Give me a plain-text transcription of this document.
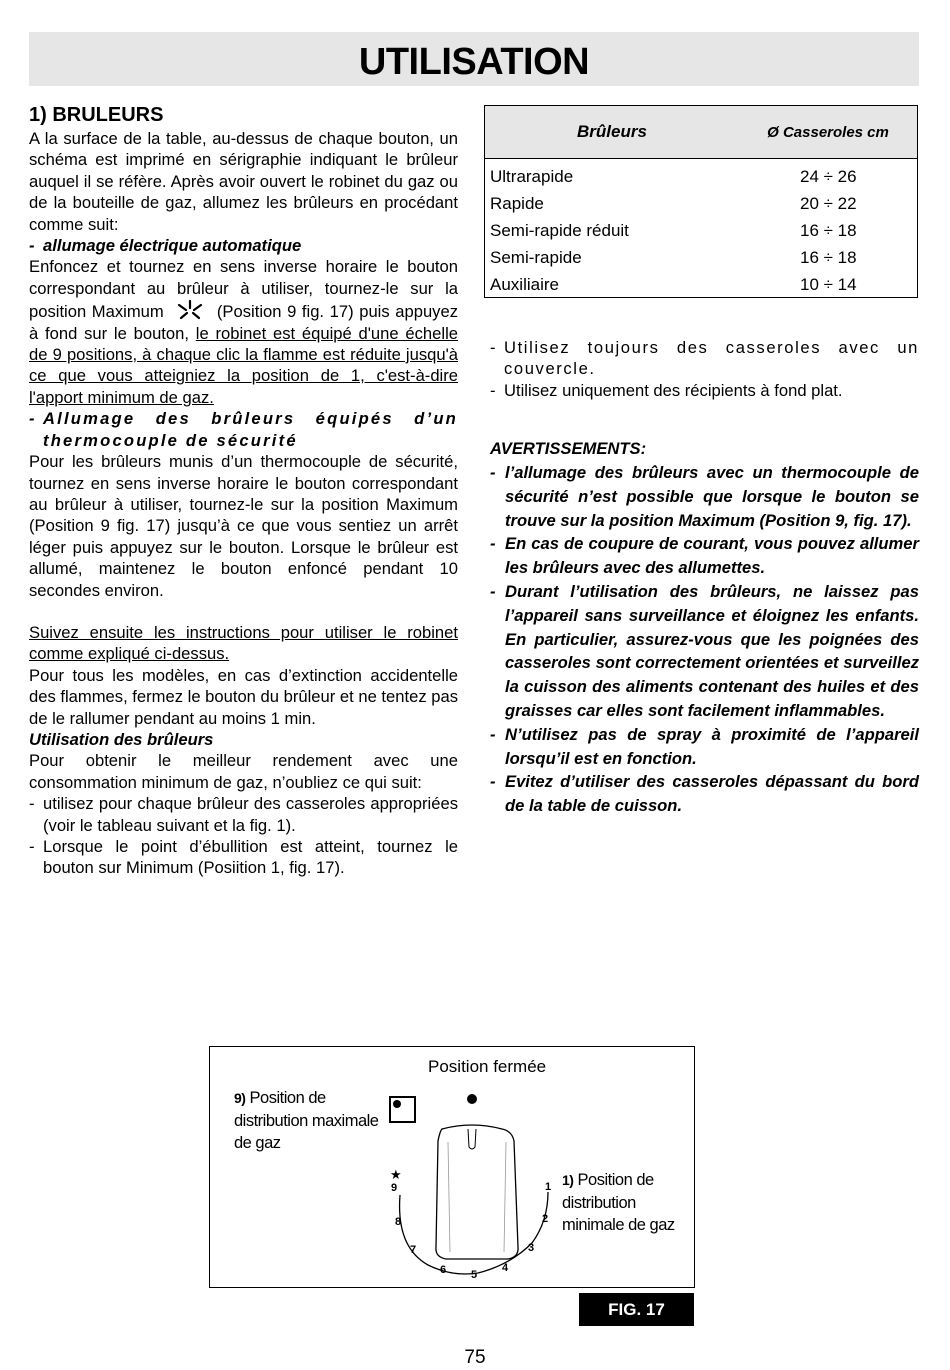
UTILISATION
1) BRULEURS

A la surface de la table, au-dessus de chaque bouton, un schéma est imprimé en sérigraphie indiquant le brûleur auquel il se réfère. Après avoir ouvert le robinet du gaz ou de la bouteille de gaz, allumez les brûleurs en procédant comme suit:

- allumage électrique automatique

Enfoncez et tournez en sens inverse horaire le bouton correspondant au brûleur à utiliser, tournez-le sur la position Maximum	(Position 9 fig. 17) puis appuyez à fond sur le bouton, le robinet est équipé d'une échelle de 9 positions, à chaque clic la flamme est réduite jusqu'à ce que vous atteigniez la position de 1, c'est-à-dire l'apport minimum de gaz.

- Allumage des brûleurs équipés d’un thermocouple de sécurité

Pour les brûleurs munis d’un thermocouple de sécurité, tournez en sens inverse horaire le bouton correspondant au brûleur à utiliser, tournez-le sur la position Maximum (Position 9 fig. 17) jusqu’à ce que vous sentiez un arrêt léger puis appuyez sur le bouton. Lorsque le brûleur est allumé, maintenez le bouton enfoncé pendant 10 secondes environ.

Suivez ensuite les instructions pour utiliser le robinet comme expliqué ci-dessus.

Pour tous les modèles, en cas d’extinction accidentelle des flammes, fermez le bouton du brûleur et ne tentez pas de le rallumer pendant au moins 1 min.

Utilisation des brûleurs

Pour obtenir le meilleur rendement avec une consommation minimum de gaz, n’oubliez ce qui suit:

- utilisez pour chaque brûleur des casseroles appropriées (voir le tableau suivant et la fig. 1).
- Lorsque le point d’ébullition est atteint, tournez le bouton sur Minimum (Posiition 1, fig. 17).
Brûleurs	Ø Casseroles cm
Ultrarapide	24 ÷ 26
Rapide	20 ÷ 22
Semi-rapide réduit	16 ÷ 18
Semi-rapide	16 ÷ 18
Auxiliaire	10 ÷ 14
- Utilisez toujours des casseroles avec un couvercle.
- Utilisez uniquement des récipients à fond plat.

AVERTISSEMENTS:

- l’allumage des brûleurs avec un thermocouple de sécurité n’est possible que lorsque le bouton se trouve sur la position Maximum (Position 9, fig. 17).
- En cas de coupure de courant, vous pouvez allumer les brûleurs avec des allumettes.
- Durant l’utilisation des brûleurs, ne laissez pas l’appareil sans surveillance et éloignez les enfants. En particulier, assurez-vous que les poignées des casseroles sont correctement orientées et surveillez la cuisson des aliments contenant des huiles et des graisses car elles sont facilement inflammables.
- N’utilisez pas de spray à proximité de l’appareil lorsqu’il est en fonction.
- Evitez d’utiliser des casseroles dépassant du bord de la table de cuisson.
Position fermée
9) Position de distribution maximale de gaz
1) Position de distribution minimale de gaz
★
9
8
7
6 5
4
3
2
1
FIG. 17
75
